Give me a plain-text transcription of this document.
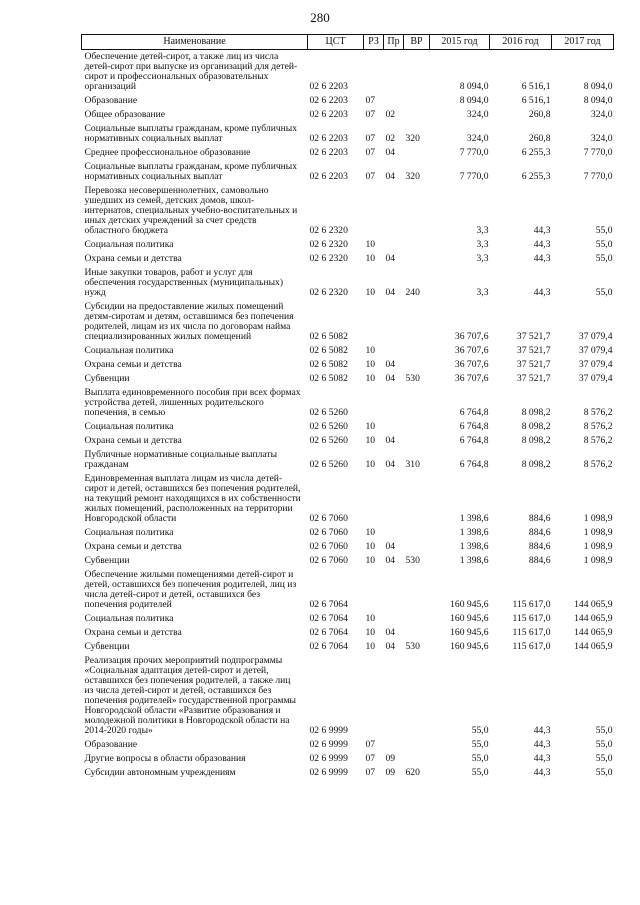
280
Наименование	ЦСТ	РЗ	Пр	ВР	2015 год	2016 год	2017 год
Обеспечение детей-сирот, а также лиц из числа детей-сирот при выпуске из организаций для детей-сирот и профессиональных образовательных организаций	02 6 2203				8 094,0	6 516,1	8 094,0
Образование	02 6 2203	07			8 094,0	6 516,1	8 094,0
Общее образование	02 6 2203	07	02		324,0	260,8	324,0
Социальные выплаты гражданам, кроме публичных нормативных социальных выплат	02 6 2203	07	02	320	324,0	260,8	324,0
Среднее профессиональное образование	02 6 2203	07	04		7 770,0	6 255,3	7 770,0
Социальные выплаты гражданам, кроме публичных нормативных социальных выплат	02 6 2203	07	04	320	7 770,0	6 255,3	7 770,0
Перевозка несовершеннолетних, самовольно ушедших из семей, детских домов, школ-интернатов, специальных учебно-воспитательных и иных детских учреждений за счет средств областного бюджета	02 6 2320				3,3	44,3	55,0
Социальная политика	02 6 2320	10			3,3	44,3	55,0
Охрана семьи и детства	02 6 2320	10	04		3,3	44,3	55,0
Иные закупки товаров, работ и услуг для обеспечения государственных (муниципальных) нужд	02 6 2320	10	04	240	3,3	44,3	55,0
Субсидии на предоставление жилых помещений детям-сиротам и детям, оставшимся без попечения родителей, лицам из их числа по договорам найма специализированных жилых помещений	02 6 5082				36 707,6	37 521,7	37 079,4
Социальная политика	02 6 5082	10			36 707,6	37 521,7	37 079,4
Охрана семьи и детства	02 6 5082	10	04		36 707,6	37 521,7	37 079,4
Субвенции	02 6 5082	10	04	530	36 707,6	37 521,7	37 079,4
Выплата единовременного пособия при всех формах устройства детей, лишенных родительского попечения, в семью	02 6 5260				6 764,8	8 098,2	8 576,2
Социальная политика	02 6 5260	10			6 764,8	8 098,2	8 576,2
Охрана семьи и детства	02 6 5260	10	04		6 764,8	8 098,2	8 576,2
Публичные нормативные социальные выплаты гражданам	02 6 5260	10	04	310	6 764,8	8 098,2	8 576,2
Единовременная выплата лицам из числа детей-сирот и детей, оставшихся без попечения родителей, на текущий ремонт находящихся в их собственности жилых помещений, расположенных на территории Новгородской области	02 6 7060				1 398,6	884,6	1 098,9
Социальная политика	02 6 7060	10			1 398,6	884,6	1 098,9
Охрана семьи и детства	02 6 7060	10	04		1 398,6	884,6	1 098,9
Субвенции	02 6 7060	10	04	530	1 398,6	884,6	1 098,9
Обеспечение жилыми помещениями детей-сирот и детей, оставшихся без попечения родителей, лиц из числа детей-сирот и детей, оставшихся без попечения родителей	02 6 7064				160 945,6	115 617,0	144 065,9
Социальная политика	02 6 7064	10			160 945,6	115 617,0	144 065,9
Охрана семьи и детства	02 6 7064	10	04		160 945,6	115 617,0	144 065,9
Субвенции	02 6 7064	10	04	530	160 945,6	115 617,0	144 065,9
Реализация прочих мероприятий подпрограммы «Социальная адаптация детей-сирот и детей, оставшихся без попечения родителей, а также лиц из числа детей-сирот и детей, оставшихся без попечения родителей» государственной программы Новгородской области «Развитие образования и молодежной политики в Новгородской области на 2014-2020 годы»	02 6 9999				55,0	44,3	55,0
Образование	02 6 9999	07			55,0	44,3	55,0
Другие вопросы в области образования	02 6 9999	07	09		55,0	44,3	55,0
Субсидии автономным учреждениям	02 6 9999	07	09	620	55,0	44,3	55,0
